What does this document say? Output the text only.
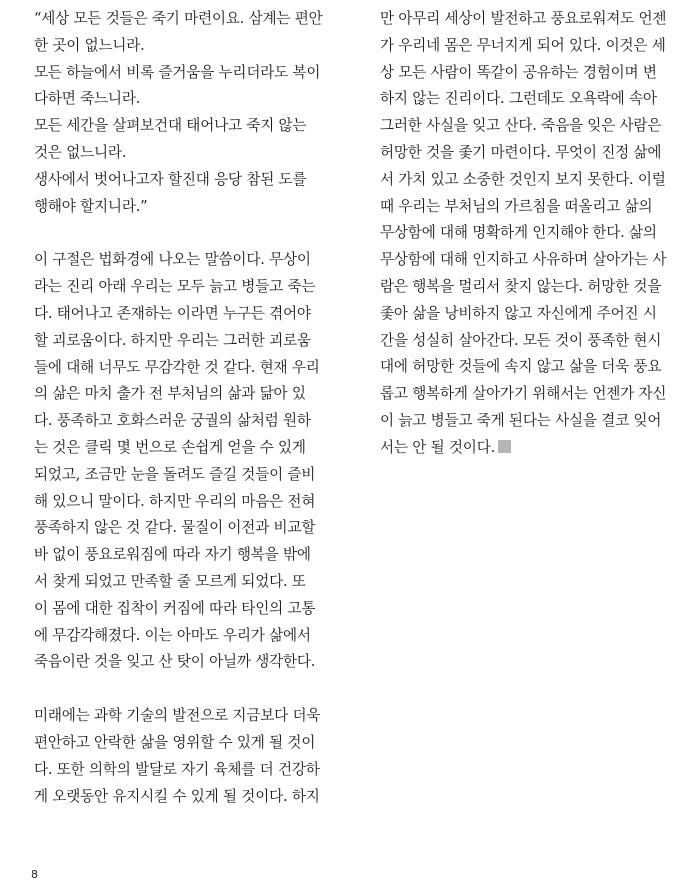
“세상 모든 것들은 죽기 마련이요. 삼계는 편안
한 곳이 없느니라.
모든 하늘에서 비록 즐거움을 누리더라도 복이
다하면 죽느니라.
모든 세간을 살펴보건대 태어나고 죽지 않는
것은 없느니라.
생사에서 벗어나고자 할진대 응당 참된 도를
행해야 할지니라.”
이 구절은 법화경에 나오는 말씀이다. 무상이
라는 진리 아래 우리는 모두 늙고 병들고 죽는
다. 태어나고 존재하는 이라면 누구든 겪어야
할 괴로움이다. 하지만 우리는 그러한 괴로움
들에 대해 너무도 무감각한 것 같다. 현재 우리
의 삶은 마치 출가 전 부처님의 삶과 닮아 있
다. 풍족하고 호화스러운 궁궐의 삶처럼 원하
는 것은 클릭 몇 번으로 손쉽게 얻을 수 있게
되었고, 조금만 눈을 돌려도 즐길 것들이 즐비
해 있으니 말이다. 하지만 우리의 마음은 전혀
풍족하지 않은 것 같다. 물질이 이전과 비교할
바 없이 풍요로워짐에 따라 자기 행복을 밖에
서 찾게 되었고 만족할 줄 모르게 되었다. 또
이 몸에 대한 집착이 커짐에 따라 타인의 고통
에 무감각해졌다. 이는 아마도 우리가 삶에서
죽음이란 것을 잊고 산 탓이 아닐까 생각한다.
미래에는 과학 기술의 발전으로 지금보다 더욱
편안하고 안락한 삶을 영위할 수 있게 될 것이
다. 또한 의학의 발달로 자기 육체를 더 건강하
게 오랫동안 유지시킬 수 있게 될 것이다. 하지
만 아무리 세상이 발전하고 풍요로워져도 언젠
가 우리네 몸은 무너지게 되어 있다. 이것은 세
상 모든 사람이 똑같이 공유하는 경험이며 변
하지 않는 진리이다. 그런데도 오욕락에 속아
그러한 사실을 잊고 산다. 죽음을 잊은 사람은
허망한 것을 좇기 마련이다. 무엇이 진정 삶에
서 가치 있고 소중한 것인지 보지 못한다. 이럴
때 우리는 부처님의 가르침을 떠올리고 삶의
무상함에 대해 명확하게 인지해야 한다. 삶의
무상함에 대해 인지하고 사유하며 살아가는 사
람은 행복을 멀리서 찾지 않는다. 허망한 것을
좇아 삶을 낭비하지 않고 자신에게 주어진 시
간을 성실히 살아간다. 모든 것이 풍족한 현시
대에 허망한 것들에 속지 않고 삶을 더욱 풍요
롭고 행복하게 살아가기 위해서는 언젠가 자신
이 늙고 병들고 죽게 된다는 사실을 결코 잊어
서는 안 될 것이다.
8
